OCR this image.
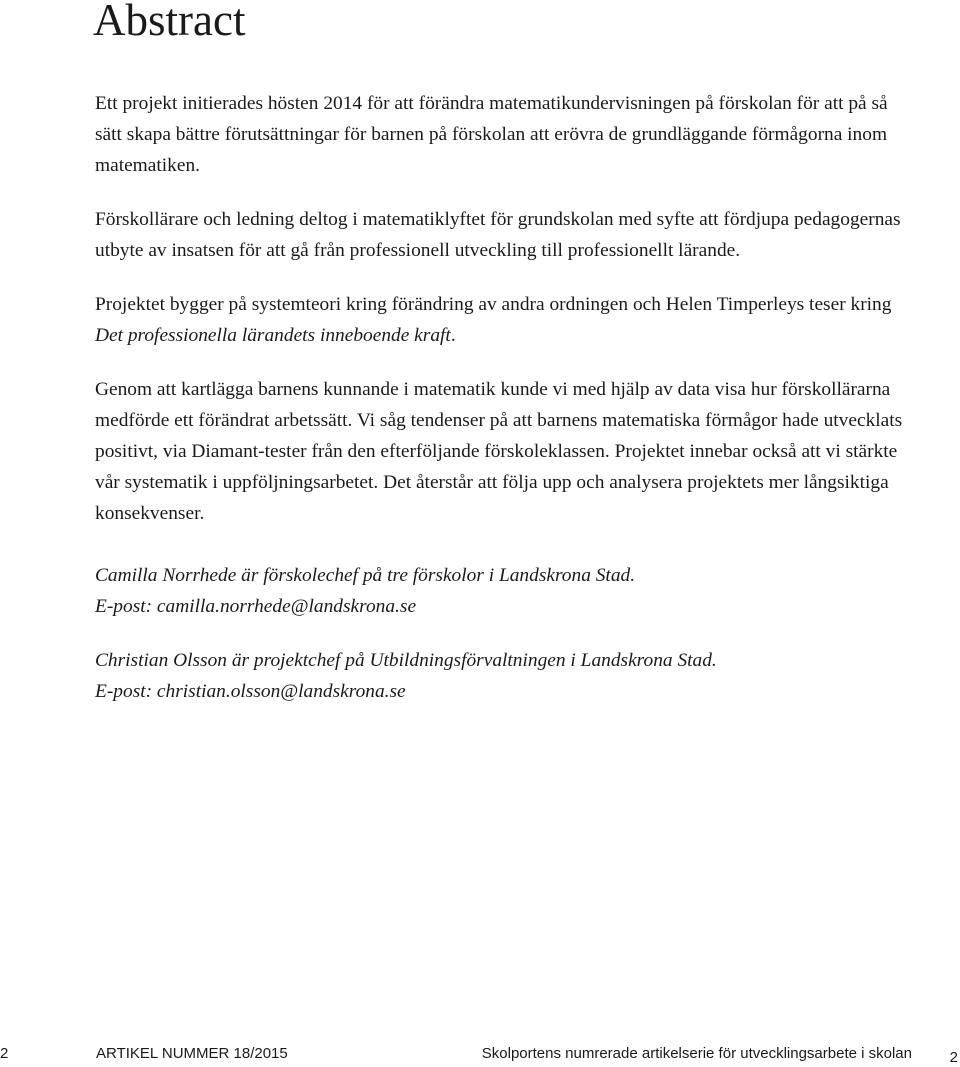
Abstract

Ett projekt initierades hösten 2014 för att förändra matematikundervisningen på förskolan för att på så sätt skapa bättre förutsättningar för barnen på förskolan att erövra de grundläggande förmågorna inom matematiken.

Förskollärare och ledning deltog i matematiklyftet för grundskolan med syfte att fördjupa pedagogernas utbyte av insatsen för att gå från professionell utveckling till professionellt lärande.

Projektet bygger på systemteori kring förändring av andra ordningen och Helen Timperleys teser kring Det professionella lärandets inneboende kraft.

Genom att kartlägga barnens kunnande i matematik kunde vi med hjälp av data visa hur förskollärarna medförde ett förändrat arbetssätt. Vi såg tendenser på att barnens matematiska förmågor hade utvecklats positivt, via Diamant-tester från den efterföljande förskoleklassen. Projektet innebar också att vi stärkte vår systematik i uppföljningsarbetet. Det återstår att följa upp och analysera projektets mer långsiktiga konsekvenser.

Camilla Norrhede är förskolechef på tre förskolor i Landskrona Stad.
E-post: camilla.norrhede@landskrona.se

Christian Olsson är projektchef på Utbildningsförvaltningen i Landskrona Stad.
E-post: christian.olsson@landskrona.se

2	ARTIKEL NUMMER 18/2015	Skolportens numrerade artikelserie för utvecklingsarbete i skolan	2
